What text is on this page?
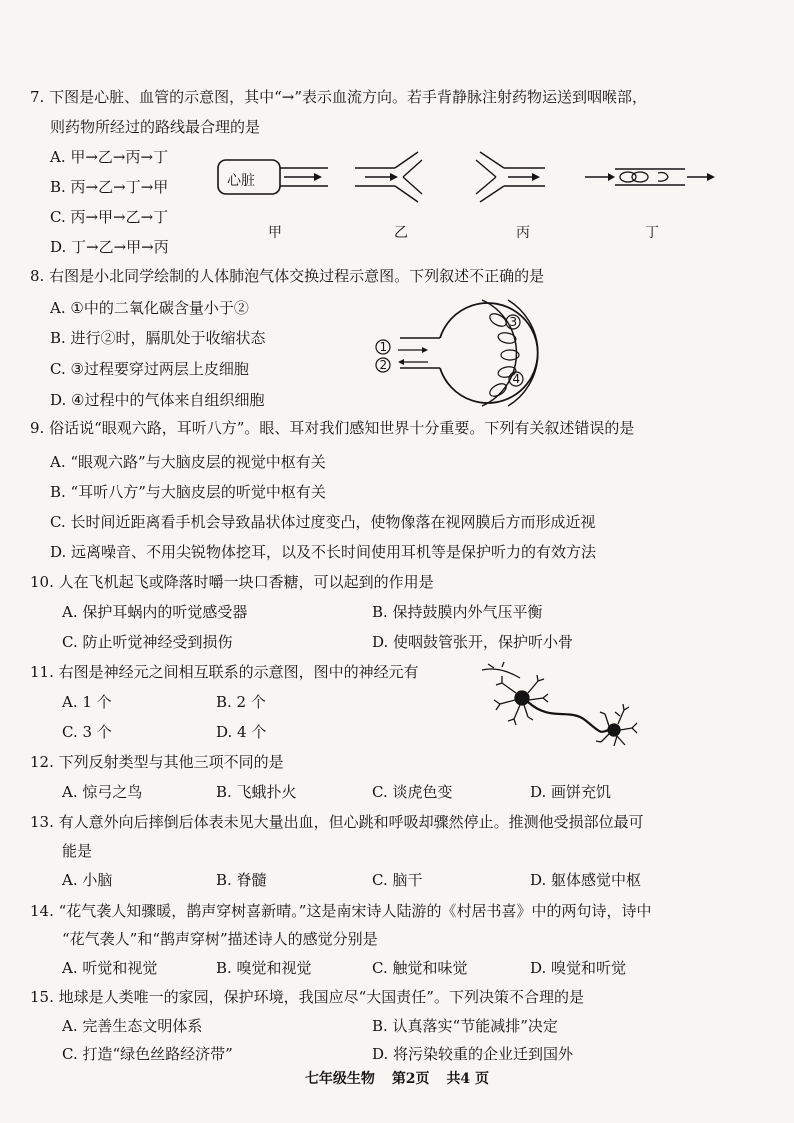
7. 下图是心脏、血管的示意图，其中“→”表示血流方向。若手背静脉注射药物运送到咽喉部，
则药物所经过的路线最合理的是
A. 甲→乙→丙→丁
B. 丙→乙→丁→甲
C. 丙→甲→乙→丁
D. 丁→乙→甲→丙
心脏
甲	乙	丙	丁
8. 右图是小北同学绘制的人体肺泡气体交换过程示意图。下列叙述不正确的是
A. ①中的二氧化碳含量小于②
B. 进行②时，膈肌处于收缩状态
C. ③过程要穿过两层上皮细胞
D. ④过程中的气体来自组织细胞
1
2
3
4
9. 俗话说“眼观六路，耳听八方”。眼、耳对我们感知世界十分重要。下列有关叙述错误的是
A. “眼观六路”与大脑皮层的视觉中枢有关
B. “耳听八方”与大脑皮层的听觉中枢有关
C. 长时间近距离看手机会导致晶状体过度变凸，使物像落在视网膜后方而形成近视
D. 远离噪音、不用尖锐物体挖耳，以及不长时间使用耳机等是保护听力的有效方法
10. 人在飞机起飞或降落时嚼一块口香糖，可以起到的作用是
A. 保护耳蜗内的听觉感受器	B. 保持鼓膜内外气压平衡
C. 防止听觉神经受到损伤	D. 使咽鼓管张开，保护听小骨
11. 右图是神经元之间相互联系的示意图，图中的神经元有
A. 1 个	B. 2 个
C. 3 个	D. 4 个
12. 下列反射类型与其他三项不同的是
A. 惊弓之鸟	B. 飞蛾扑火	C. 谈虎色变	D. 画饼充饥
13. 有人意外向后摔倒后体表未见大量出血，但心跳和呼吸却骤然停止。推测他受损部位最可
能是
A. 小脑	B. 脊髓	C. 脑干	D. 躯体感觉中枢
14. “花气袭人知骤暖，鹊声穿树喜新晴。”这是南宋诗人陆游的《村居书喜》中的两句诗，诗中
“花气袭人”和“鹊声穿树”描述诗人的感觉分别是
A. 听觉和视觉	B. 嗅觉和视觉	C. 触觉和味觉	D. 嗅觉和听觉
15. 地球是人类唯一的家园，保护环境，我国应尽“大国责任”。下列决策不合理的是
A. 完善生态文明体系	B. 认真落实“节能减排”决定
C. 打造“绿色丝路经济带”	D. 将污染较重的企业迁到国外
七年级生物 第2页 共4 页
